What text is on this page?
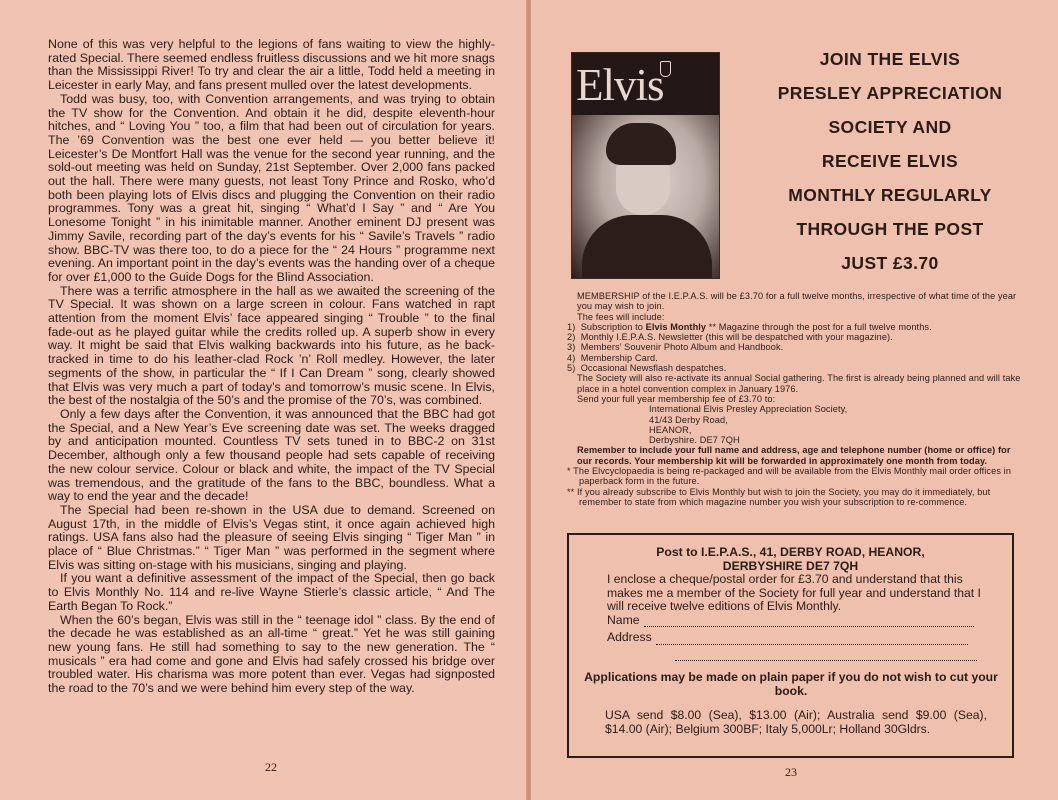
None of this was very helpful to the legions of fans waiting to view the highly-rated Special. There seemed endless fruitless discussions and we hit more snags than the Mississippi River! To try and clear the air a little, Todd held a meeting in Leicester in early May, and fans present mulled over the latest developments.

Todd was busy, too, with Convention arrangements, and was trying to obtain the TV show for the Convention. And obtain it he did, despite eleventh-hour hitches, and “ Loving You ” too, a film that had been out of circulation for years. The ’69 Convention was the best one ever held — you better believe it! Leicester’s De Montfort Hall was the venue for the second year running, and the sold-out meeting was held on Sunday, 21st September. Over 2,000 fans packed out the hall. There were many guests, not least Tony Prince and Rosko, who’d both been playing lots of Elvis discs and plugging the Convention on their radio programmes. Tony was a great hit, singing “ What’d I Say ” and “ Are You Lonesome Tonight ” in his inimitable manner. Another eminent DJ present was Jimmy Savile, recording part of the day’s events for his “ Savile’s Travels ” radio show. BBC-TV was there too, to do a piece for the “ 24 Hours ” programme next evening. An important point in the day’s events was the handing over of a cheque for over £1,000 to the Guide Dogs for the Blind Association.

There was a terrific atmosphere in the hall as we awaited the screening of the TV Special. It was shown on a large screen in colour. Fans watched in rapt attention from the moment Elvis’ face appeared singing “ Trouble ” to the final fade-out as he played guitar while the credits rolled up. A superb show in every way. It might be said that Elvis walking backwards into his future, as he back-tracked in time to do his leather-clad Rock ’n’ Roll medley. However, the later segments of the show, in particular the “ If I Can Dream ” song, clearly showed that Elvis was very much a part of today’s and tomorrow’s music scene. In Elvis, the best of the nostalgia of the 50’s and the promise of the 70’s, was combined.

Only a few days after the Convention, it was announced that the BBC had got the Special, and a New Year’s Eve screening date was set. The weeks dragged by and anticipation mounted. Countless TV sets tuned in to BBC-2 on 31st December, although only a few thousand people had sets capable of receiving the new colour service. Colour or black and white, the impact of the TV Special was tremendous, and the gratitude of the fans to the BBC, boundless. What a way to end the year and the decade!

The Special had been re-shown in the USA due to demand. Screened on August 17th, in the middle of Elvis’s Vegas stint, it once again achieved high ratings. USA fans also had the pleasure of seeing Elvis singing “ Tiger Man ” in place of “ Blue Christmas.” “ Tiger Man ” was performed in the segment where Elvis was sitting on-stage with his musicians, singing and playing.

If you want a definitive assessment of the impact of the Special, then go back to Elvis Monthly No. 114 and re-live Wayne Stierle’s classic article, “ And The Earth Began To Rock.”

When the 60’s began, Elvis was still in the “ teenage idol ” class. By the end of the decade he was established as an all-time “ great.” Yet he was still gaining new young fans. He still had something to say to the new generation. The “ musicals ” era had come and gone and Elvis had safely crossed his bridge over troubled water. His charisma was more potent than ever. Vegas had signposted the road to the 70’s and we were behind him every step of the way.

22
Elvis
JOIN THE ELVIS
PRESLEY APPRECIATION
SOCIETY AND
RECEIVE ELVIS
MONTHLY REGULARLY
THROUGH THE POST
JUST £3.70

MEMBERSHIP of the I.E.P.A.S. will be £3.70 for a full twelve months, irrespective of what time of the year you may wish to join.

The fees will include:

1) Subscription to Elvis Monthly ** Magazine through the post for a full twelve months.

2) Monthly I.E.P.A.S. Newsletter (this will be despatched with your magazine).

3) Members’ Souvenir Photo Album and Handbook.

4) Membership Card.

5) Occasional Newsflash despatches.

The Society will also re-activate its annual Social gathering. The first is already being planned and will take place in a hotel convention complex in January 1976.

Send your full year membership fee of £3.70 to:

International Elvis Presley Appreciation Society,

41/43 Derby Road,

HEANOR,

Derbyshire. DE7 7QH

Remember to include your full name and address, age and telephone number (home or office) for our records. Your membership kit will be forwarded in approximately one month from today.

* The Elvcyclopaedia is being re-packaged and will be available from the Elvis Monthly mail order offices in paperback form in the future.

** If you already subscribe to Elvis Monthly but wish to join the Society, you may do it immediately, but remember to state from which magazine number you wish your subscription to re-commence.

Post to I.E.P.A.S., 41, DERBY ROAD, HEANOR,
DERBYSHIRE DE7 7QH

I enclose a cheque/postal order for £3.70 and understand that this makes me a member of the Society for full year and understand that I will receive twelve editions of Elvis Monthly.

Name
Address
Applications may be made on plain paper if you do not wish to cut your book.
USA send $8.00 (Sea), $13.00 (Air); Australia send $9.00 (Sea), $14.00 (Air); Belgium 300BF; Italy 5,000Lr; Holland 30Gldrs.
23
